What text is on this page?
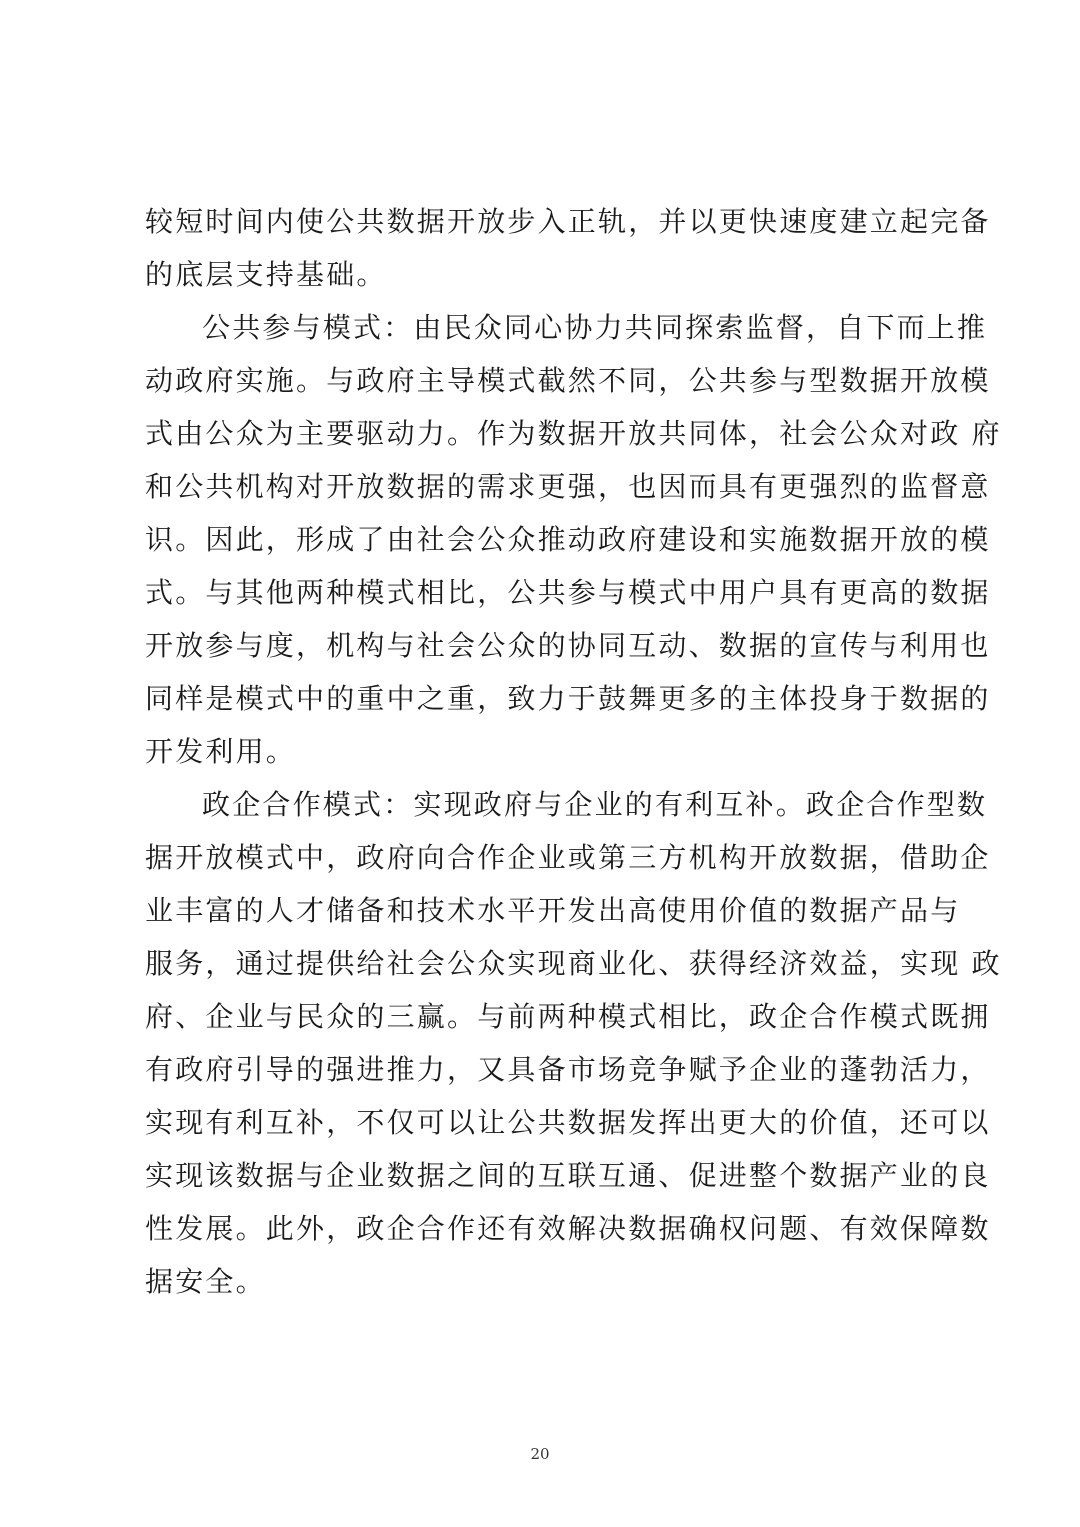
较短时间内使公共数据开放步入正轨，并以更快速度建立起完备
的底层支持基础。
公共参与模式：由民众同心协力共同探索监督，自下而上推
动政府实施。与政府主导模式截然不同，公共参与型数据开放模
式由公众为主要驱动力。作为数据开放共同体，社会公众对政 府
和公共机构对开放数据的需求更强，也因而具有更强烈的监督意
识。因此，形成了由社会公众推动政府建设和实施数据开放的模
式。与其他两种模式相比，公共参与模式中用户具有更高的数据
开放参与度，机构与社会公众的协同互动、数据的宣传与利用也
同样是模式中的重中之重，致力于鼓舞更多的主体投身于数据的
开发利用。
政企合作模式：实现政府与企业的有利互补。政企合作型数
据开放模式中，政府向合作企业或第三方机构开放数据，借助企
业丰富的人才储备和技术水平开发出高使用价值的数据产品与
服务，通过提供给社会公众实现商业化、获得经济效益，实现 政
府、企业与民众的三赢。与前两种模式相比，政企合作模式既拥
有政府引导的强进推力，又具备市场竞争赋予企业的蓬勃活力，
实现有利互补，不仅可以让公共数据发挥出更大的价值，还可以
实现该数据与企业数据之间的互联互通、促进整个数据产业的良
性发展。此外，政企合作还有效解决数据确权问题、有效保障数
据安全。
20
